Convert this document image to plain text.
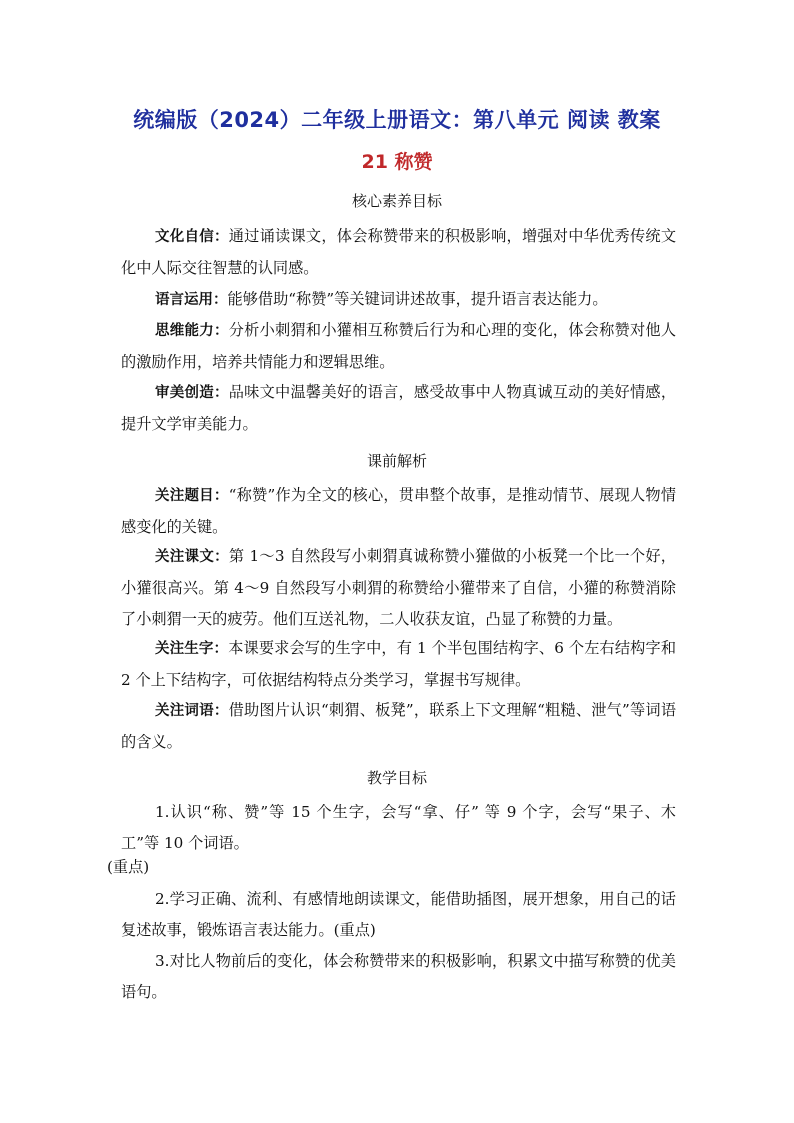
统编版（2024）二年级上册语文：第八单元 阅读 教案
21 称赞
核心素养目标
文化自信：通过诵读课文，体会称赞带来的积极影响，增强对中华优秀传统文化中人际交往智慧的认同感。
语言运用：能够借助“称赞”等关键词讲述故事，提升语言表达能力。
思维能力：分析小刺猬和小獾相互称赞后行为和心理的变化，体会称赞对他人的激励作用，培养共情能力和逻辑思维。
审美创造：品味文中温馨美好的语言，感受故事中人物真诚互动的美好情感，提升文学审美能力。
课前解析
关注题目：“称赞”作为全文的核心，贯串整个故事，是推动情节、展现人物情感变化的关键。
关注课文：第 1～3 自然段写小刺猬真诚称赞小獾做的小板凳一个比一个好，小獾很高兴。第 4～9 自然段写小刺猬的称赞给小獾带来了自信，小獾的称赞消除了小刺猬一天的疲劳。他们互送礼物，二人收获友谊，凸显了称赞的力量。
关注生字：本课要求会写的生字中，有 1 个半包围结构字、6 个左右结构字和 2 个上下结构字，可依据结构特点分类学习，掌握书写规律。
关注词语：借助图片认识“刺猬、板凳”，联系上下文理解“粗糙、泄气”等词语的含义。
教学目标
1.认识“称、赞”等 15 个生字，会写“拿、仔” 等 9 个字，会写“果子、木工”等 10 个词语。
(重点)
2.学习正确、流利、有感情地朗读课文，能借助插图，展开想象，用自己的话复述故事，锻炼语言表达能力。(重点)
3.对比人物前后的变化，体会称赞带来的积极影响，积累文中描写称赞的优美语句。
